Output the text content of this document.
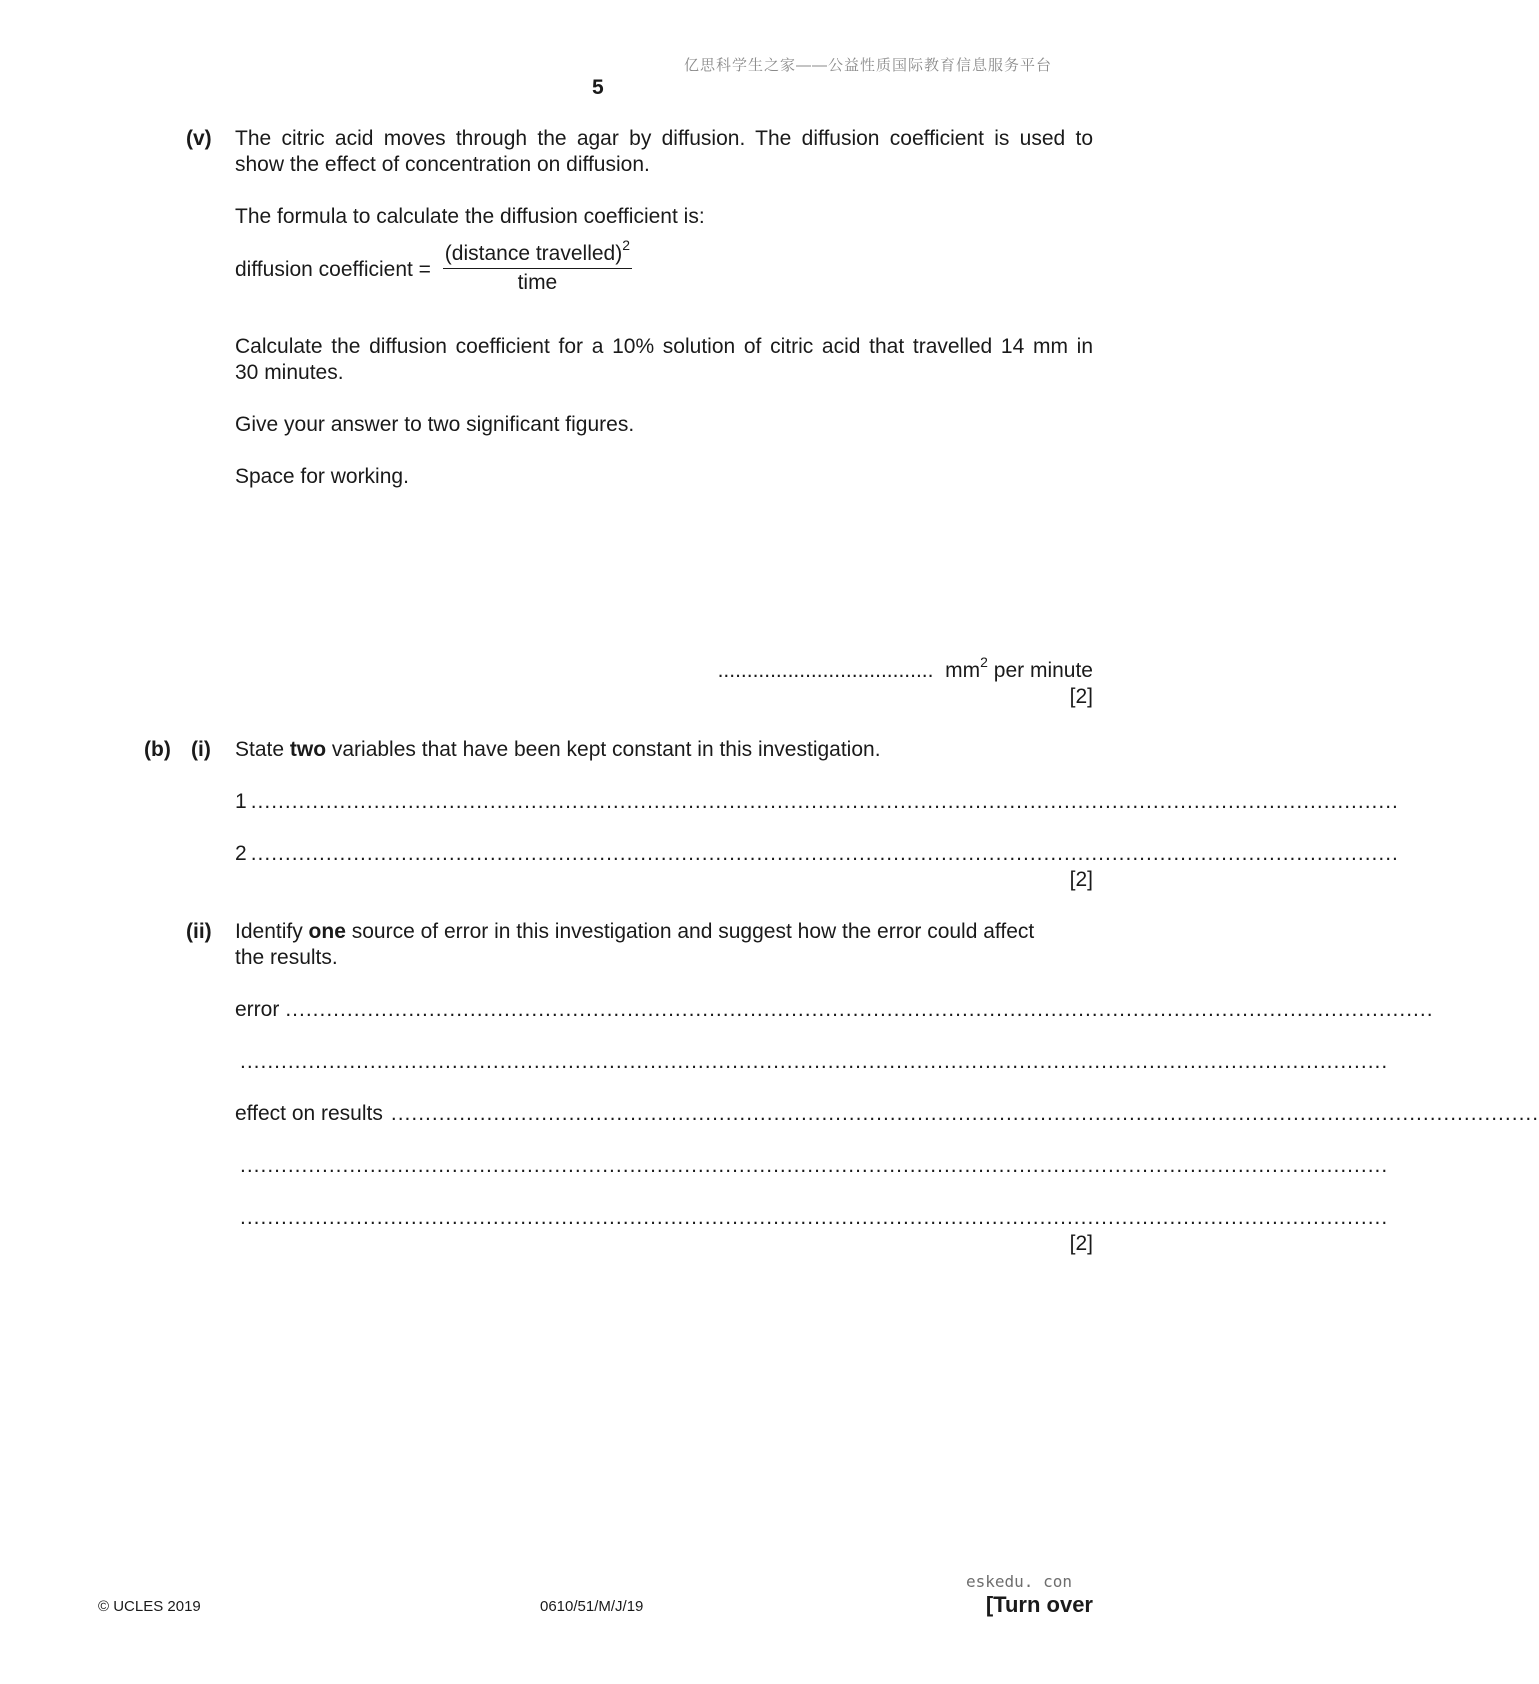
亿思科学生之家——公益性质国际教育信息服务平台
5
(v) The citric acid moves through the agar by diffusion. The diffusion coefficient is used to
show the effect of concentration on diffusion.
The formula to calculate the diffusion coefficient is:
diffusion coefficient = $\frac{(distance travelled)^2}{\text{time}}$
Calculate the diffusion coefficient for a 10% solution of citric acid that travelled 14 mm in
30 minutes.
Give your answer to two significant figures.
Space for working.
..................................... $mm^2$ per minute
[2]
(b) (i) State two variables that have been kept constant in this investigation.
1 ........................................................................................................................................................................
2 ........................................................................................................................................................................
[2]
(ii) Identify one source of error in this investigation and suggest how the error could affect
the results.
error ........................................................................................................................................................................
........................................................................................................................................................................
effect on results ........................................................................................................................................................................
........................................................................................................................................................................
........................................................................................................................................................................
[2]
eskedu. con
© UCLES 2019	0610/51/M/J/19	[Turn over
